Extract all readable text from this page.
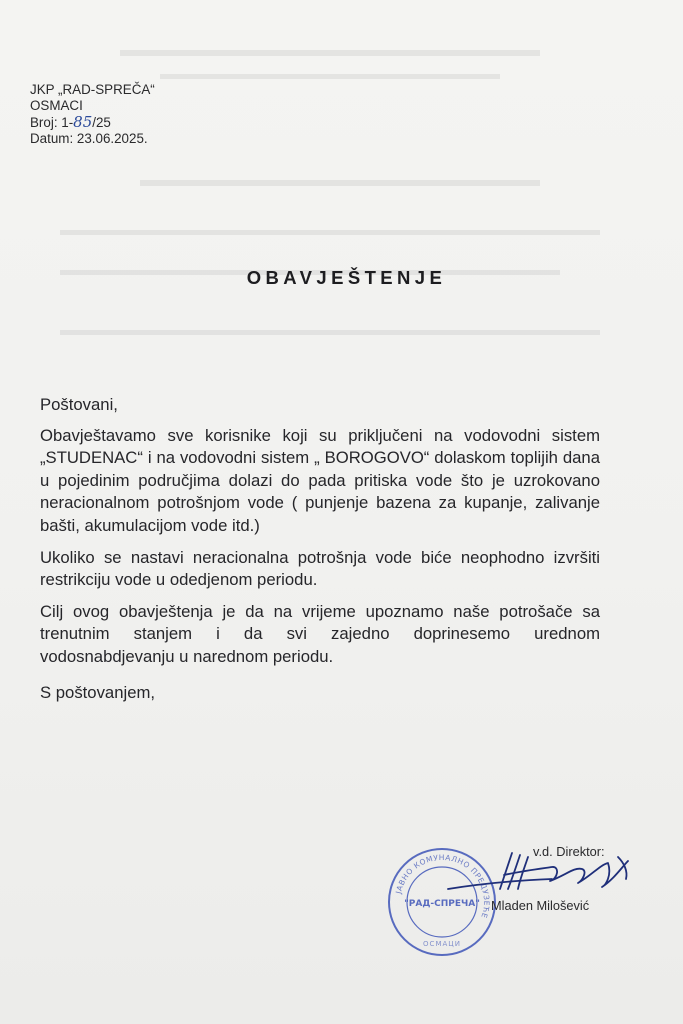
JKP „RAD-SPREČA“
OSMACI
Broj: 1-85/25
Datum: 23.06.2025.
OBAVJEŠTENJE

Poštovani,

Obavještavamo sve korisnike koji su priključeni na vodovodni sistem „STUDENAC“ i na vodovodni sistem „ BOROGOVO“ dolaskom toplijih dana u pojedinim područjima dolazi do pada pritiska vode što je uzrokovano neracionalnom potrošnjom vode ( punjenje bazena za kupanje, zalivanje bašti, akumulacijom vode itd.)

Ukoliko se nastavi neracionalna potrošnja vode biće neophodno izvršiti restrikciju vode u odedjenom periodu.

Cilj ovog obavještenja je da na vrijeme upoznamo naše potrošače sa trenutnim stanjem i da svi zajedno doprinesemo urednom vodosnabdjevanju u narednom periodu.

S poštovanjem,

ЈАВНО КОМУНАЛНО ПРЕДУЗЕЋЕ
"РАД-СПРЕЧА"
ОСМАЦИ
v.d. Direktor:
Mladen Milošević
